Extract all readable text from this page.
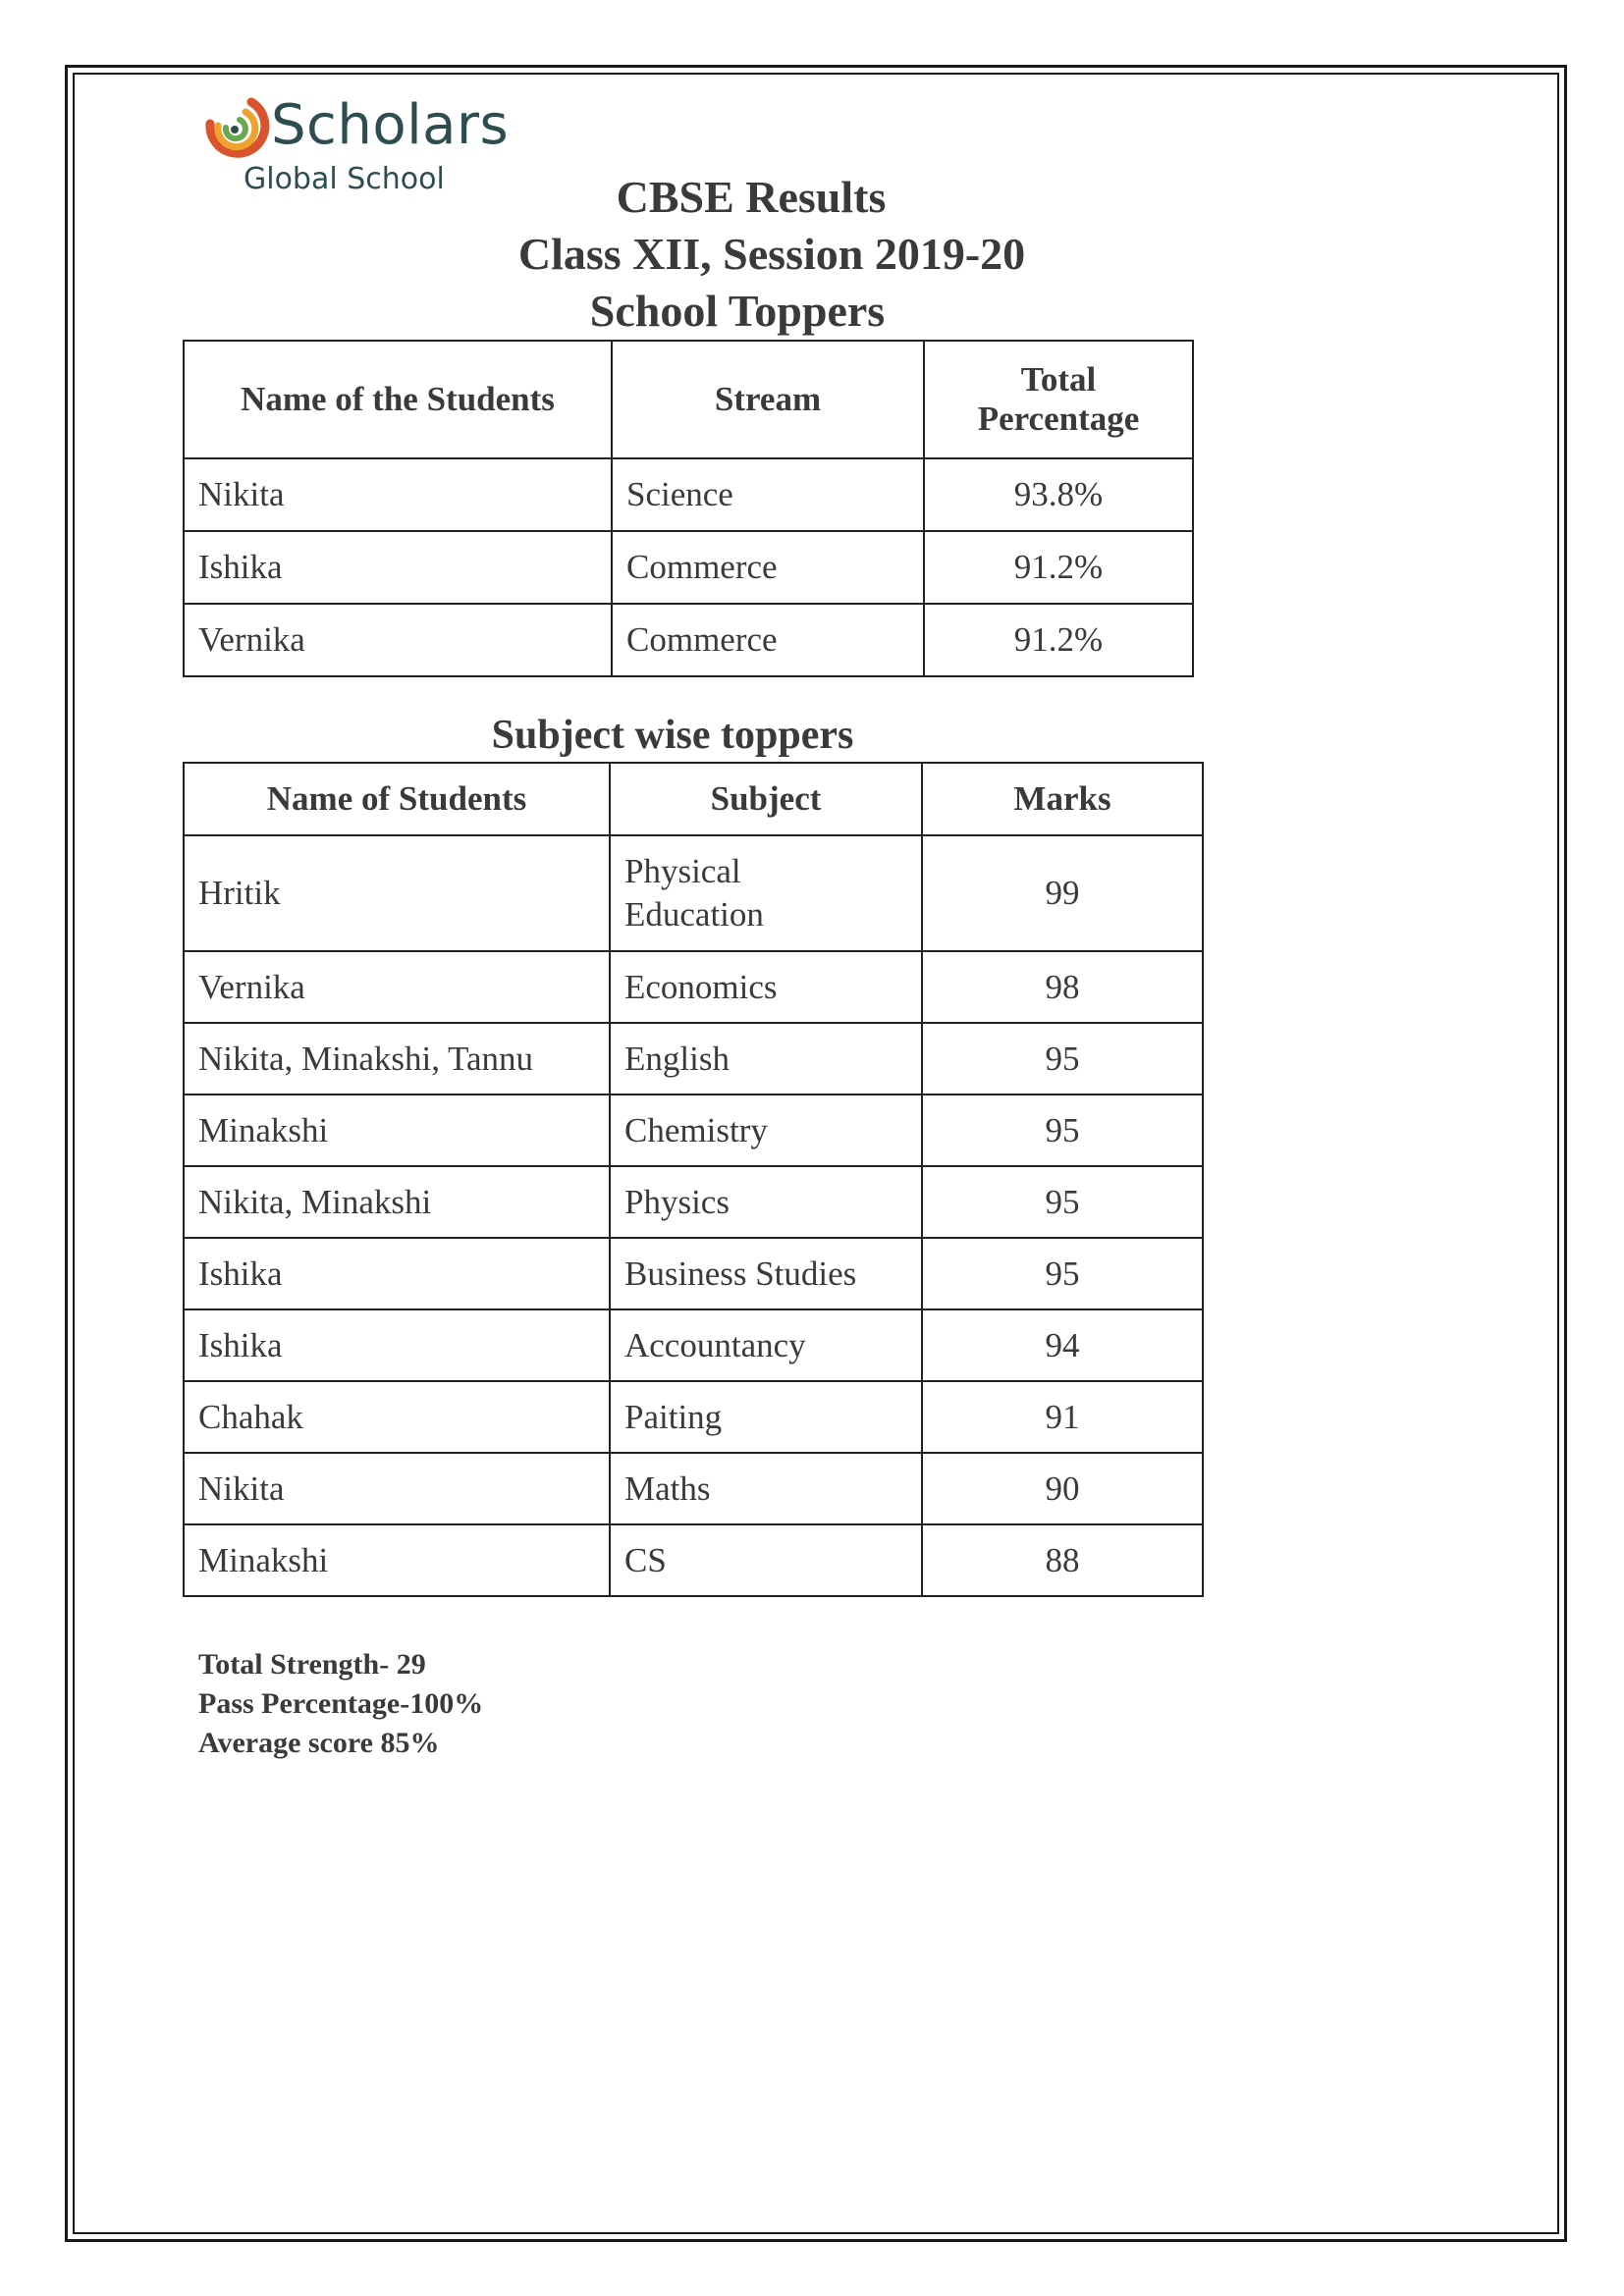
Scholars
Global School	CBSE Results
Class XII, Session 2019-20
School Toppers
Name of the Students	Stream	Total
Percentage
Nikita	Science	93.8%
Ishika	Commerce	91.2%
Vernika	Commerce	91.2%
Subject wise toppers
Name of Students	Subject	Marks
Hritik	Physical Education	99
Vernika	Economics	98
Nikita, Minakshi, Tannu	English	95
Minakshi	Chemistry	95
Nikita, Minakshi	Physics	95
Ishika	Business Studies	95
Ishika	Accountancy	94
Chahak	Paiting	91
Nikita	Maths	90
Minakshi	CS	88
Total Strength- 29
Pass Percentage-100%
Average score 85%
